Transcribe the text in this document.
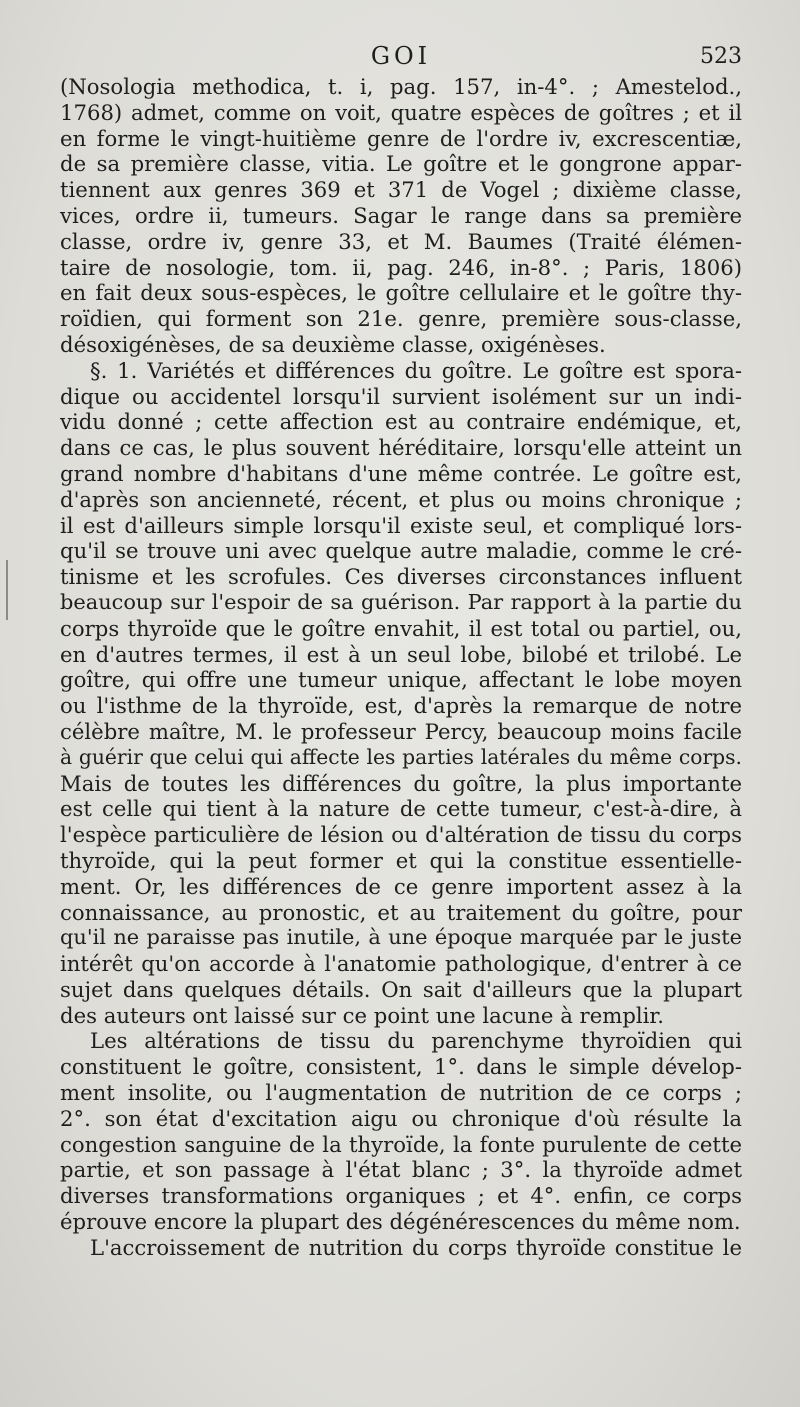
GOI	523

(Nosologia methodica, t. i, pag. 157, in-4°. ; Amestelod.,
1768) admet, comme on voit, quatre espèces de goîtres ; et il
en forme le vingt-huitième genre de l'ordre iv, excrescentiæ,
de sa première classe, vitia. Le goître et le gongrone appar-
tiennent aux genres 369 et 371 de Vogel ; dixième classe,
vices, ordre ii, tumeurs. Sagar le range dans sa première
classe, ordre iv, genre 33, et M. Baumes (Traité élémen-
taire de nosologie, tom. ii, pag. 246, in-8°. ; Paris, 1806)
en fait deux sous-espèces, le goître cellulaire et le goître thy-
roïdien, qui forment son 21e. genre, première sous-classe,
désoxigénèses, de sa deuxième classe, oxigénèses.

§. 1. Variétés et différences du goître. Le goître est spora-
dique ou accidentel lorsqu'il survient isolément sur un indi-
vidu donné ; cette affection est au contraire endémique, et,
dans ce cas, le plus souvent héréditaire, lorsqu'elle atteint un
grand nombre d'habitans d'une même contrée. Le goître est,
d'après son ancienneté, récent, et plus ou moins chronique ;
il est d'ailleurs simple lorsqu'il existe seul, et compliqué lors-
qu'il se trouve uni avec quelque autre maladie, comme le cré-
tinisme et les scrofules. Ces diverses circonstances influent
beaucoup sur l'espoir de sa guérison. Par rapport à la partie du
corps thyroïde que le goître envahit, il est total ou partiel, ou,
en d'autres termes, il est à un seul lobe, bilobé et trilobé. Le
goître, qui offre une tumeur unique, affectant le lobe moyen
ou l'isthme de la thyroïde, est, d'après la remarque de notre
célèbre maître, M. le professeur Percy, beaucoup moins facile
à guérir que celui qui affecte les parties latérales du même corps.
Mais de toutes les différences du goître, la plus importante
est celle qui tient à la nature de cette tumeur, c'est-à-dire, à
l'espèce particulière de lésion ou d'altération de tissu du corps
thyroïde, qui la peut former et qui la constitue essentielle-
ment. Or, les différences de ce genre importent assez à la
connaissance, au pronostic, et au traitement du goître, pour
qu'il ne paraisse pas inutile, à une époque marquée par le juste
intérêt qu'on accorde à l'anatomie pathologique, d'entrer à ce
sujet dans quelques détails. On sait d'ailleurs que la plupart
des auteurs ont laissé sur ce point une lacune à remplir.

Les altérations de tissu du parenchyme thyroïdien qui
constituent le goître, consistent, 1°. dans le simple dévelop-
ment insolite, ou l'augmentation de nutrition de ce corps ;
2°. son état d'excitation aigu ou chronique d'où résulte la
congestion sanguine de la thyroïde, la fonte purulente de cette
partie, et son passage à l'état blanc ; 3°. la thyroïde admet
diverses transformations organiques ; et 4°. enfin, ce corps
éprouve encore la plupart des dégénérescences du même nom.

L'accroissement de nutrition du corps thyroïde constitue le
